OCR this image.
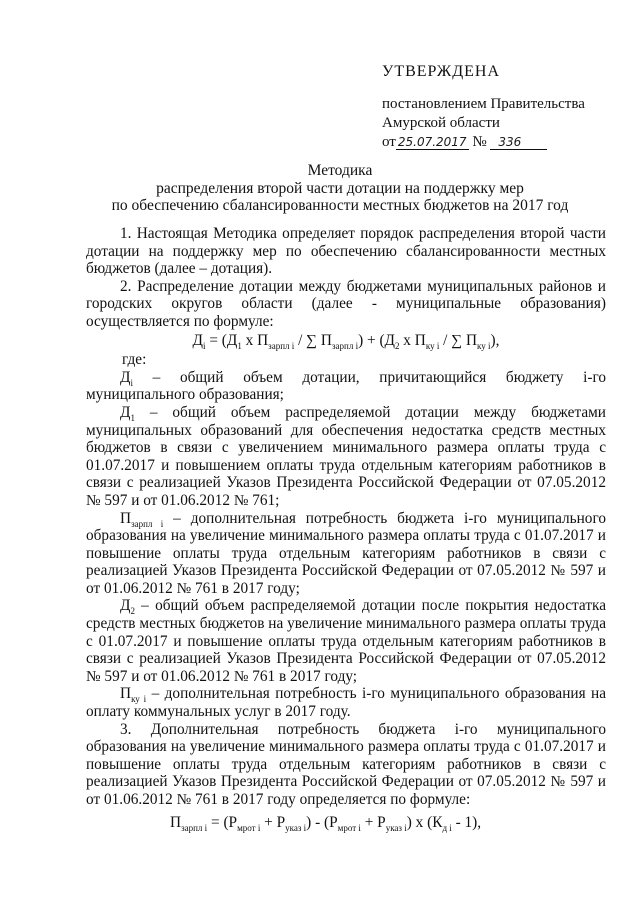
УТВЕРЖДЕНА
постановлением Правительства
Амурской области
от 25.07.2017 № 336
Методика
распределения второй части дотации на поддержку мер
по обеспечению сбалансированности местных бюджетов на 2017 год

1. Настоящая Методика определяет порядок распределения второй части дотации на поддержку мер по обеспечению сбалансированности местных бюджетов (далее – дотация).

2. Распределение дотации между бюджетами муниципальных районов и городских округов области (далее - муниципальные образования) осуществляется по формуле:

$Д_i = (Д_1$ x $П_{зарпл i}$ / ∑ $П_{зарпл i}) + (Д_2$ x $П_{ку i}$ / ∑ $П_{ку i}$),

где:

$Д_i$ – общий объем дотации, причитающийся бюджету i-го муниципального образования;

$Д_1$ – общий объем распределяемой дотации между бюджетами муниципальных образований для обеспечения недостатка средств местных бюджетов в связи с увеличением минимального размера оплаты труда с 01.07.2017 и повышением оплаты труда отдельным категориям работников в связи с реализацией Указов Президента Российской Федерации от 07.05.2012 № 597 и от 01.06.2012 № 761;

$П_{зарпл i}$ – дополнительная потребность бюджета i-го муниципального образования на увеличение минимального размера оплаты труда с 01.07.2017 и повышение оплаты труда отдельным категориям работников в связи с реализацией Указов Президента Российской Федерации от 07.05.2012 № 597 и от 01.06.2012 № 761 в 2017 году;

$Д_2$ – общий объем распределяемой дотации после покрытия недостатка средств местных бюджетов на увеличение минимального размера оплаты труда с 01.07.2017 и повышение оплаты труда отдельным категориям работников в связи с реализацией Указов Президента Российской Федерации от 07.05.2012 № 597 и от 01.06.2012 № 761 в 2017 году;

$П_{ку i}$ – дополнительная потребность i-го муниципального образования на оплату коммунальных услуг в 2017 году.

3. Дополнительная потребность бюджета i-го муниципального образования на увеличение минимального размера оплаты труда с 01.07.2017 и повышение оплаты труда отдельным категориям работников в связи с реализацией Указов Президента Российской Федерации от 07.05.2012 № 597 и от 01.06.2012 № 761 в 2017 году определяется по формуле:

$П_{зарпл i} = (Р_{мрот i} + Р_{указ i}) - (Р_{мрот i} + Р_{указ i})$ x $(К_{д i} - 1)$,
